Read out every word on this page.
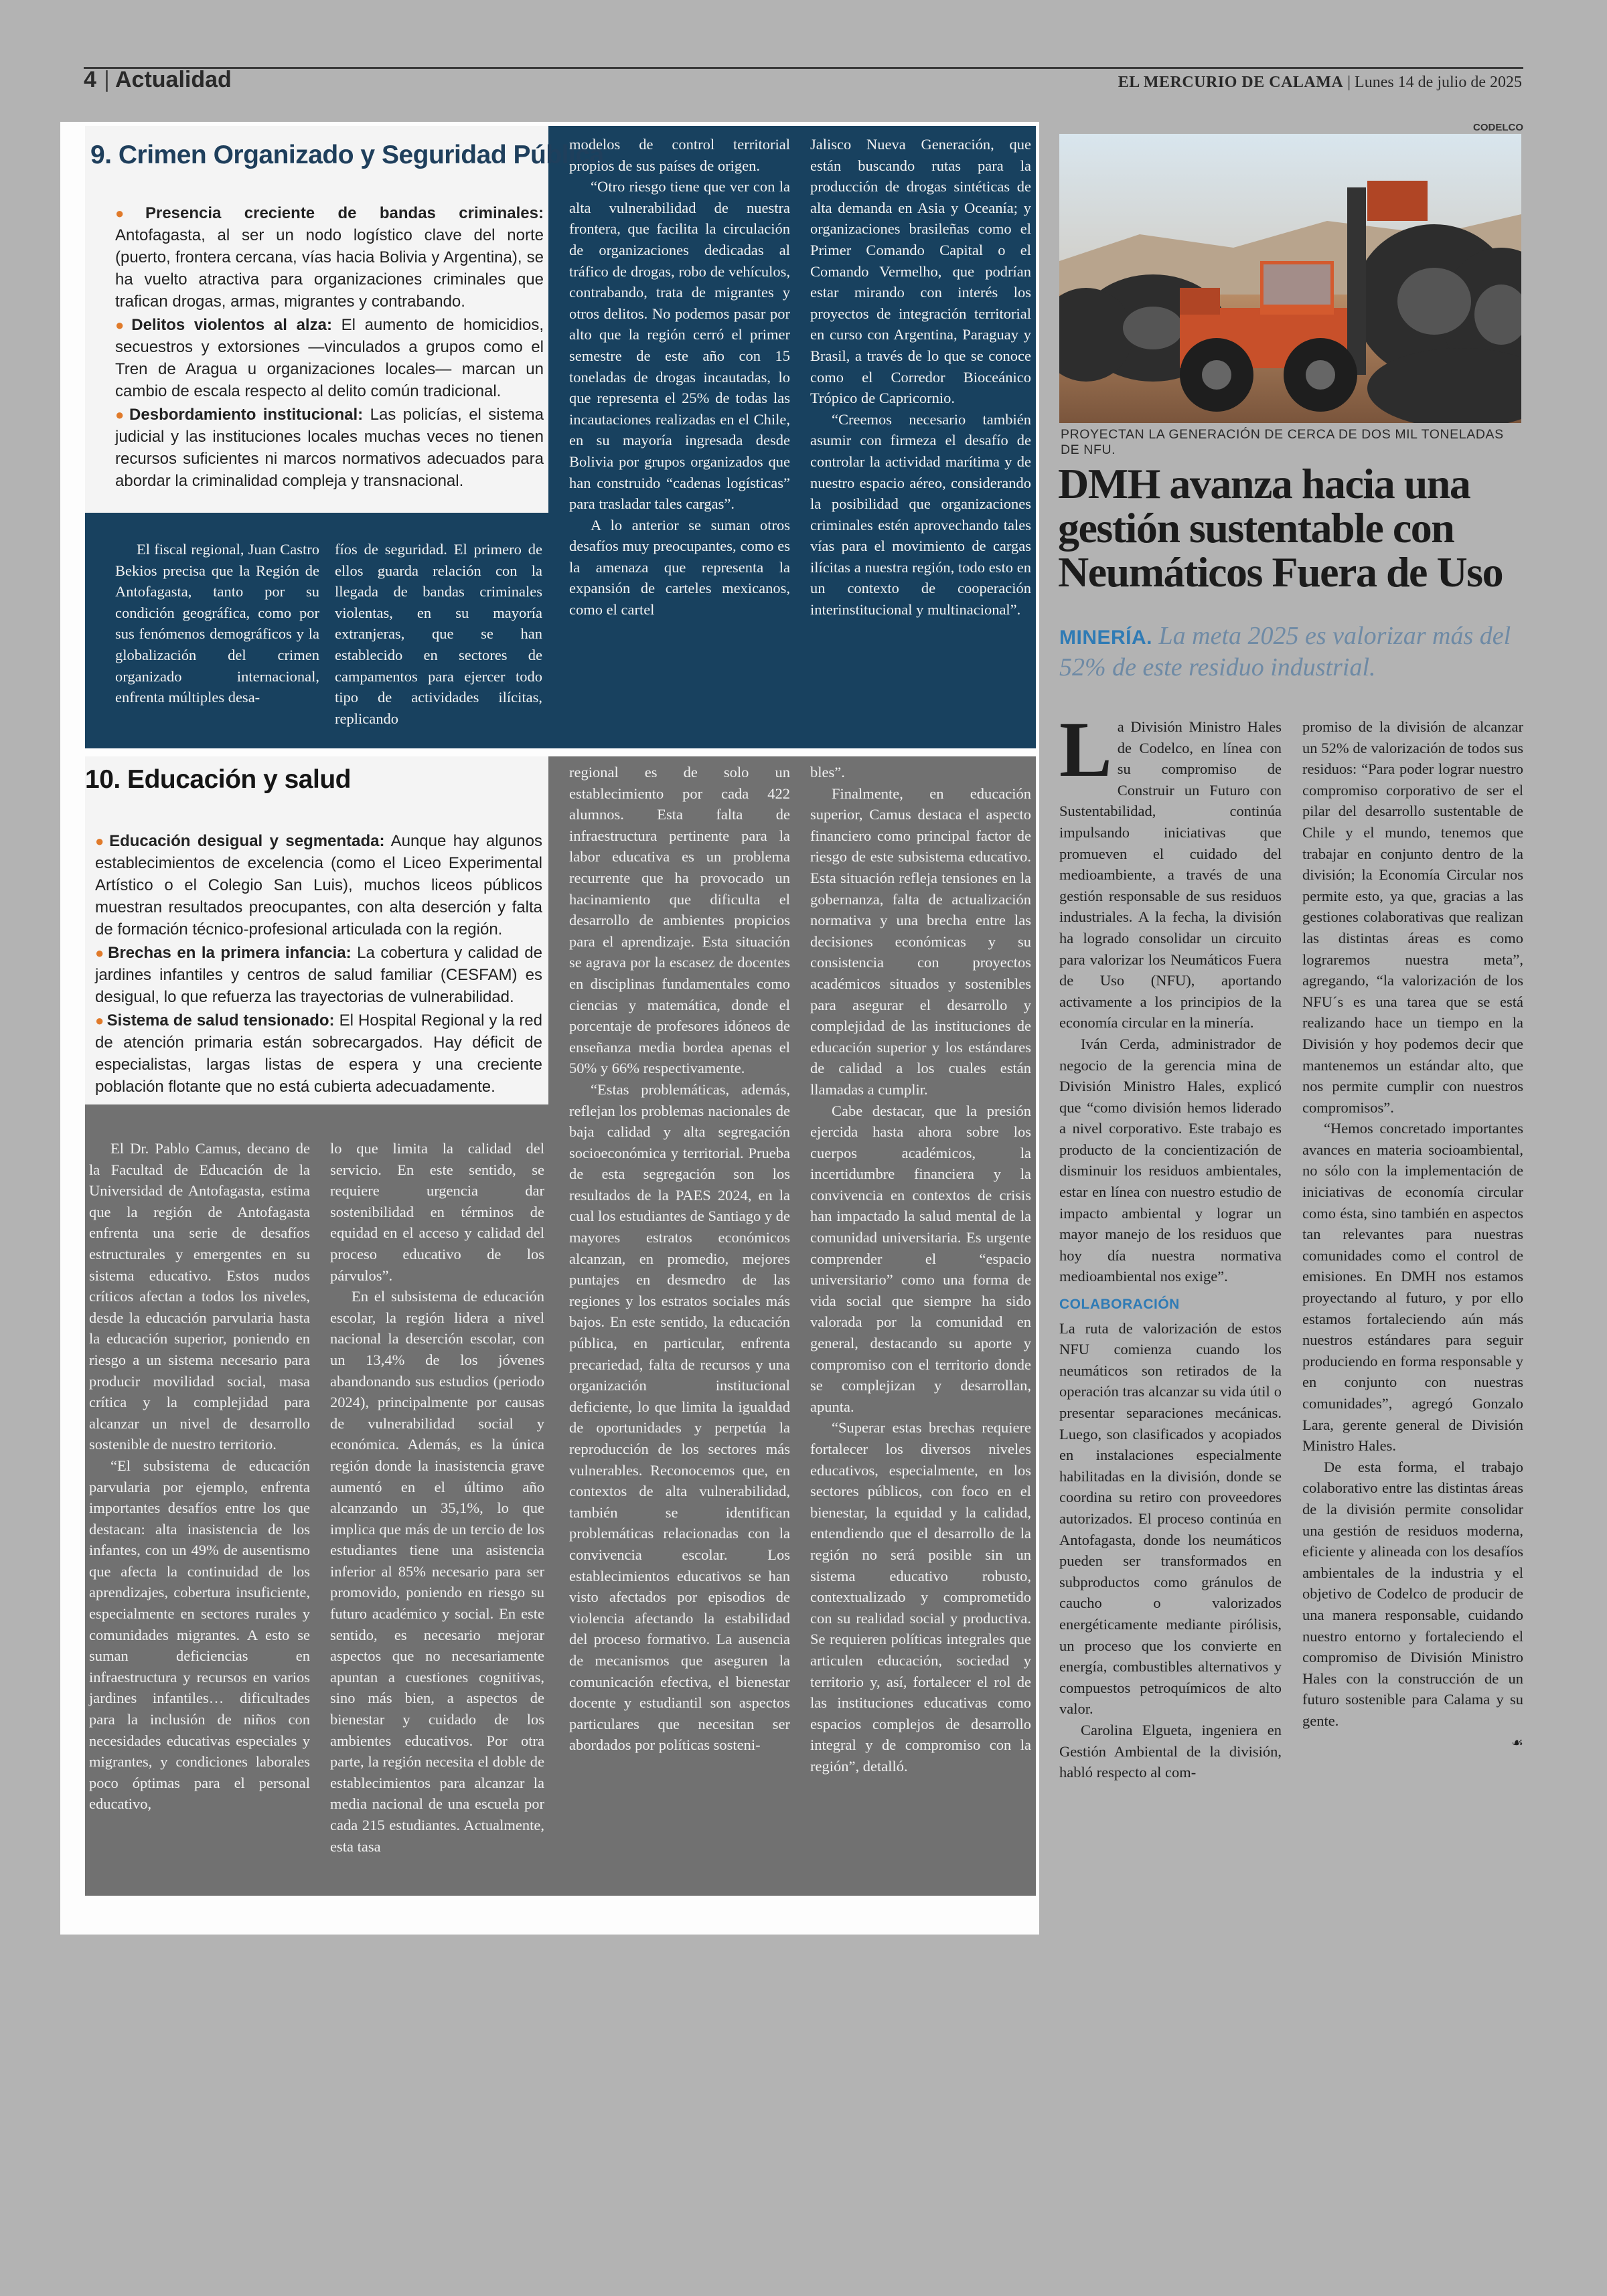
4 | Actualidad	EL MERCURIO DE CALAMA | Lunes 14 de julio de 2025
9. Crimen Organizado y Seguridad Pública

● Presencia creciente de bandas criminales: Antofagasta, al ser un nodo logístico clave del norte (puerto, frontera cercana, vías hacia Bolivia y Argentina), se ha vuelto atractiva para organizaciones criminales que trafican drogas, armas, migrantes y contrabando.

● Delitos violentos al alza: El aumento de homicidios, secuestros y extorsiones —vinculados a grupos como el Tren de Aragua u organizaciones locales— marcan un cambio de escala respecto al delito común tradicional.

● Desbordamiento institucional: Las policías, el sistema judicial y las instituciones locales muchas veces no tienen recursos suficientes ni marcos normativos adecuados para abordar la criminalidad compleja y transnacional.

El fiscal regional, Juan Castro Bekios precisa que la Región de Antofagasta, tanto por su condición geográfica, como por sus fenómenos demográficos y la globalización del crimen organizado internacional, enfrenta múltiples desa-

fíos de seguridad. El primero de ellos guarda relación con la llegada de bandas criminales violentas, en su mayoría extranjeras, que se han establecido en sectores de campamentos para ejercer todo tipo de actividades ilícitas, replicando

modelos de control territorial propios de sus países de origen.

“Otro riesgo tiene que ver con la alta vulnerabilidad de nuestra frontera, que facilita la circulación de organizaciones dedicadas al tráfico de drogas, robo de vehículos, contrabando, trata de migrantes y otros delitos. No podemos pasar por alto que la región cerró el primer semestre de este año con 15 toneladas de drogas incautadas, lo que representa el 25% de todas las incautaciones realizadas en el Chile, en su mayoría ingresada desde Bolivia por grupos organizados que han construido “cadenas logísticas” para trasladar tales cargas”.

A lo anterior se suman otros desafíos muy preocupantes, como es la amenaza que representa la expansión de carteles mexicanos, como el cartel

Jalisco Nueva Generación, que están buscando rutas para la producción de drogas sintéticas de alta demanda en Asia y Oceanía; y organizaciones brasileñas como el Primer Comando Capital o el Comando Vermelho, que podrían estar mirando con interés los proyectos de integración territorial en curso con Argentina, Paraguay y Brasil, a través de lo que se conoce como el Corredor Bioceánico Trópico de Capricornio.

“Creemos necesario también asumir con firmeza el desafío de controlar la actividad marítima y de nuestro espacio aéreo, considerando la posibilidad que organizaciones criminales estén aprovechando tales vías para el movimiento de cargas ilícitas a nuestra región, todo esto en un contexto de cooperación interinstitucional y multinacional”.

10. Educación y salud

● Educación desigual y segmentada: Aunque hay algunos establecimientos de excelencia (como el Liceo Experimental Artístico o el Colegio San Luis), muchos liceos públicos muestran resultados preocupantes, con alta deserción y falta de formación técnico-profesional articulada con la región.

● Brechas en la primera infancia: La cobertura y calidad de jardines infantiles y centros de salud familiar (CESFAM) es desigual, lo que refuerza las trayectorias de vulnerabilidad.

● Sistema de salud tensionado: El Hospital Regional y la red de atención primaria están sobrecargados. Hay déficit de especialistas, largas listas de espera y una creciente población flotante que no está cubierta adecuadamente.

El Dr. Pablo Camus, decano de la Facultad de Educación de la Universidad de Antofagasta, estima que la región de Antofagasta enfrenta una serie de desafíos estructurales y emergentes en su sistema educativo. Estos nudos críticos afectan a todos los niveles, desde la educación parvularia hasta la educación superior, poniendo en riesgo a un sistema necesario para producir movilidad social, masa crítica y la complejidad para alcanzar un nivel de desarrollo sostenible de nuestro territorio.

“El subsistema de educación parvularia por ejemplo, enfrenta importantes desafíos entre los que destacan: alta inasistencia de los infantes, con un 49% de ausentismo que afecta la continuidad de los aprendizajes, cobertura insuficiente, especialmente en sectores rurales y comunidades migrantes. A esto se suman deficiencias en infraestructura y recursos en varios jardines infantiles… dificultades para la inclusión de niños con necesidades educativas especiales y migrantes, y condiciones laborales poco óptimas para el personal educativo,

lo que limita la calidad del servicio. En este sentido, se requiere urgencia dar sostenibilidad en términos de equidad en el acceso y calidad del proceso educativo de los párvulos”.

En el subsistema de educación escolar, la región lidera a nivel nacional la deserción escolar, con un 13,4% de los jóvenes abandonando sus estudios (periodo 2024), principalmente por causas de vulnerabilidad social y económica. Además, es la única región donde la inasistencia grave aumentó en el último año alcanzando un 35,1%, lo que implica que más de un tercio de los estudiantes tiene una asistencia inferior al 85% necesario para ser promovido, poniendo en riesgo su futuro académico y social. En este sentido, es necesario mejorar aspectos que no necesariamente apuntan a cuestiones cognitivas, sino más bien, a aspectos de bienestar y cuidado de los ambientes educativos. Por otra parte, la región necesita el doble de establecimientos para alcanzar la media nacional de una escuela por cada 215 estudiantes. Actualmente, esta tasa

regional es de solo un establecimiento por cada 422 alumnos. Esta falta de infraestructura pertinente para la labor educativa es un problema recurrente que ha provocado un hacinamiento que dificulta el desarrollo de ambientes propicios para el aprendizaje. Esta situación se agrava por la escasez de docentes en disciplinas fundamentales como ciencias y matemática, donde el porcentaje de profesores idóneos de enseñanza media bordea apenas el 50% y 66% respectivamente.

“Estas problemáticas, además, reflejan los problemas nacionales de baja calidad y alta segregación socioeconómica y territorial. Prueba de esta segregación son los resultados de la PAES 2024, en la cual los estudiantes de Santiago y de mayores estratos económicos alcanzan, en promedio, mejores puntajes en desmedro de las regiones y los estratos sociales más bajos. En este sentido, la educación pública, en particular, enfrenta precariedad, falta de recursos y una organización institucional deficiente, lo que limita la igualdad de oportunidades y perpetúa la reproducción de los sectores más vulnerables. Reconocemos que, en contextos de alta vulnerabilidad, también se identifican problemáticas relacionadas con la convivencia escolar. Los establecimientos educativos se han visto afectados por episodios de violencia afectando la estabilidad del proceso formativo. La ausencia de mecanismos que aseguren la comunicación efectiva, el bienestar docente y estudiantil son aspectos particulares que necesitan ser abordados por políticas sosteni-

bles”.

Finalmente, en educación superior, Camus destaca el aspecto financiero como principal factor de riesgo de este subsistema educativo. Esta situación refleja tensiones en la gobernanza, falta de actualización normativa y una brecha entre las decisiones económicas y su consistencia con proyectos académicos situados y sostenibles para asegurar el desarrollo y complejidad de las instituciones de educación superior y los estándares de calidad a los cuales están llamadas a cumplir.

Cabe destacar, que la presión ejercida hasta ahora sobre los cuerpos académicos, la incertidumbre financiera y la convivencia en contextos de crisis han impactado la salud mental de la comunidad universitaria. Es urgente comprender el “espacio universitario” como una forma de vida social que siempre ha sido valorada por la comunidad en general, destacando su aporte y compromiso con el territorio donde se complejizan y desarrollan, apunta.

“Superar estas brechas requiere fortalecer los diversos niveles educativos, especialmente, en los sectores públicos, con foco en el bienestar, la equidad y la calidad, entendiendo que el desarrollo de la región no será posible sin un sistema educativo robusto, contextualizado y comprometido con su realidad social y productiva. Se requieren políticas integrales que articulen educación, sociedad y territorio y, así, fortalecer el rol de las instituciones educativas como espacios complejos de desarrollo integral y de compromiso con la región”, detalló.

CODELCO
PROYECTAN LA GENERACIÓN DE CERCA DE DOS MIL TONELADAS DE NFU.
DMH avanza hacia una gestión sustentable con Neumáticos Fuera de Uso
MINERÍA. La meta 2025 es valorizar más del 52% de este residuo industrial.

La División Ministro Hales de Codelco, en línea con su compromiso de Construir un Futuro con Sustentabilidad, continúa impulsando iniciativas que promueven el cuidado del medioambiente, a través de una gestión responsable de sus residuos industriales. A la fecha, la división ha logrado consolidar un circuito para valorizar los Neumáticos Fuera de Uso (NFU), aportando activamente a los principios de la economía circular en la minería.

Iván Cerda, administrador de negocio de la gerencia mina de División Ministro Hales, explicó que “como división hemos liderado a nivel corporativo. Este trabajo es producto de la concientización de disminuir los residuos ambientales, estar en línea con nuestro estudio de impacto ambiental y lograr un mayor manejo de los residuos que hoy día nuestra normativa medioambiental nos exige”.

COLABORACIÓN

La ruta de valorización de estos NFU comienza cuando los neumáticos son retirados de la operación tras alcanzar su vida útil o presentar separaciones mecánicas. Luego, son clasificados y acopiados en instalaciones especialmente habilitadas en la división, donde se coordina su retiro con proveedores autorizados. El proceso continúa en Antofagasta, donde los neumáticos pueden ser transformados en subproductos como gránulos de caucho o valorizados energéticamente mediante pirólisis, un proceso que los convierte en energía, combustibles alternativos y compuestos petroquímicos de alto valor.

Carolina Elgueta, ingeniera en Gestión Ambiental de la división, habló respecto al com-

promiso de la división de alcanzar un 52% de valorización de todos sus residuos: “Para poder lograr nuestro compromiso corporativo de ser el pilar del desarrollo sustentable de Chile y el mundo, tenemos que trabajar en conjunto dentro de la división; la Economía Circular nos permite esto, ya que, gracias a las gestiones colaborativas que realizan las distintas áreas es como lograremos nuestra meta”, agregando, “la valorización de los NFU´s es una tarea que se está realizando hace un tiempo en la División y hoy podemos decir que mantenemos un estándar alto, que nos permite cumplir con nuestros compromisos”.

“Hemos concretado importantes avances en materia socioambiental, no sólo con la implementación de iniciativas de economía circular como ésta, sino también en aspectos tan relevantes para nuestras comunidades como el control de emisiones. En DMH nos estamos proyectando al futuro, y por ello estamos fortaleciendo aún más nuestros estándares para seguir produciendo en forma responsable y en conjunto con nuestras comunidades”, agregó Gonzalo Lara, gerente general de División Ministro Hales.

De esta forma, el trabajo colaborativo entre las distintas áreas de la división permite consolidar una gestión de residuos moderna, eficiente y alineada con los desafíos ambientales de la industria y el objetivo de Codelco de producir de una manera responsable, cuidando nuestro entorno y fortaleciendo el compromiso de División Ministro Hales con la construcción de un futuro sostenible para Calama y su gente.

☙
